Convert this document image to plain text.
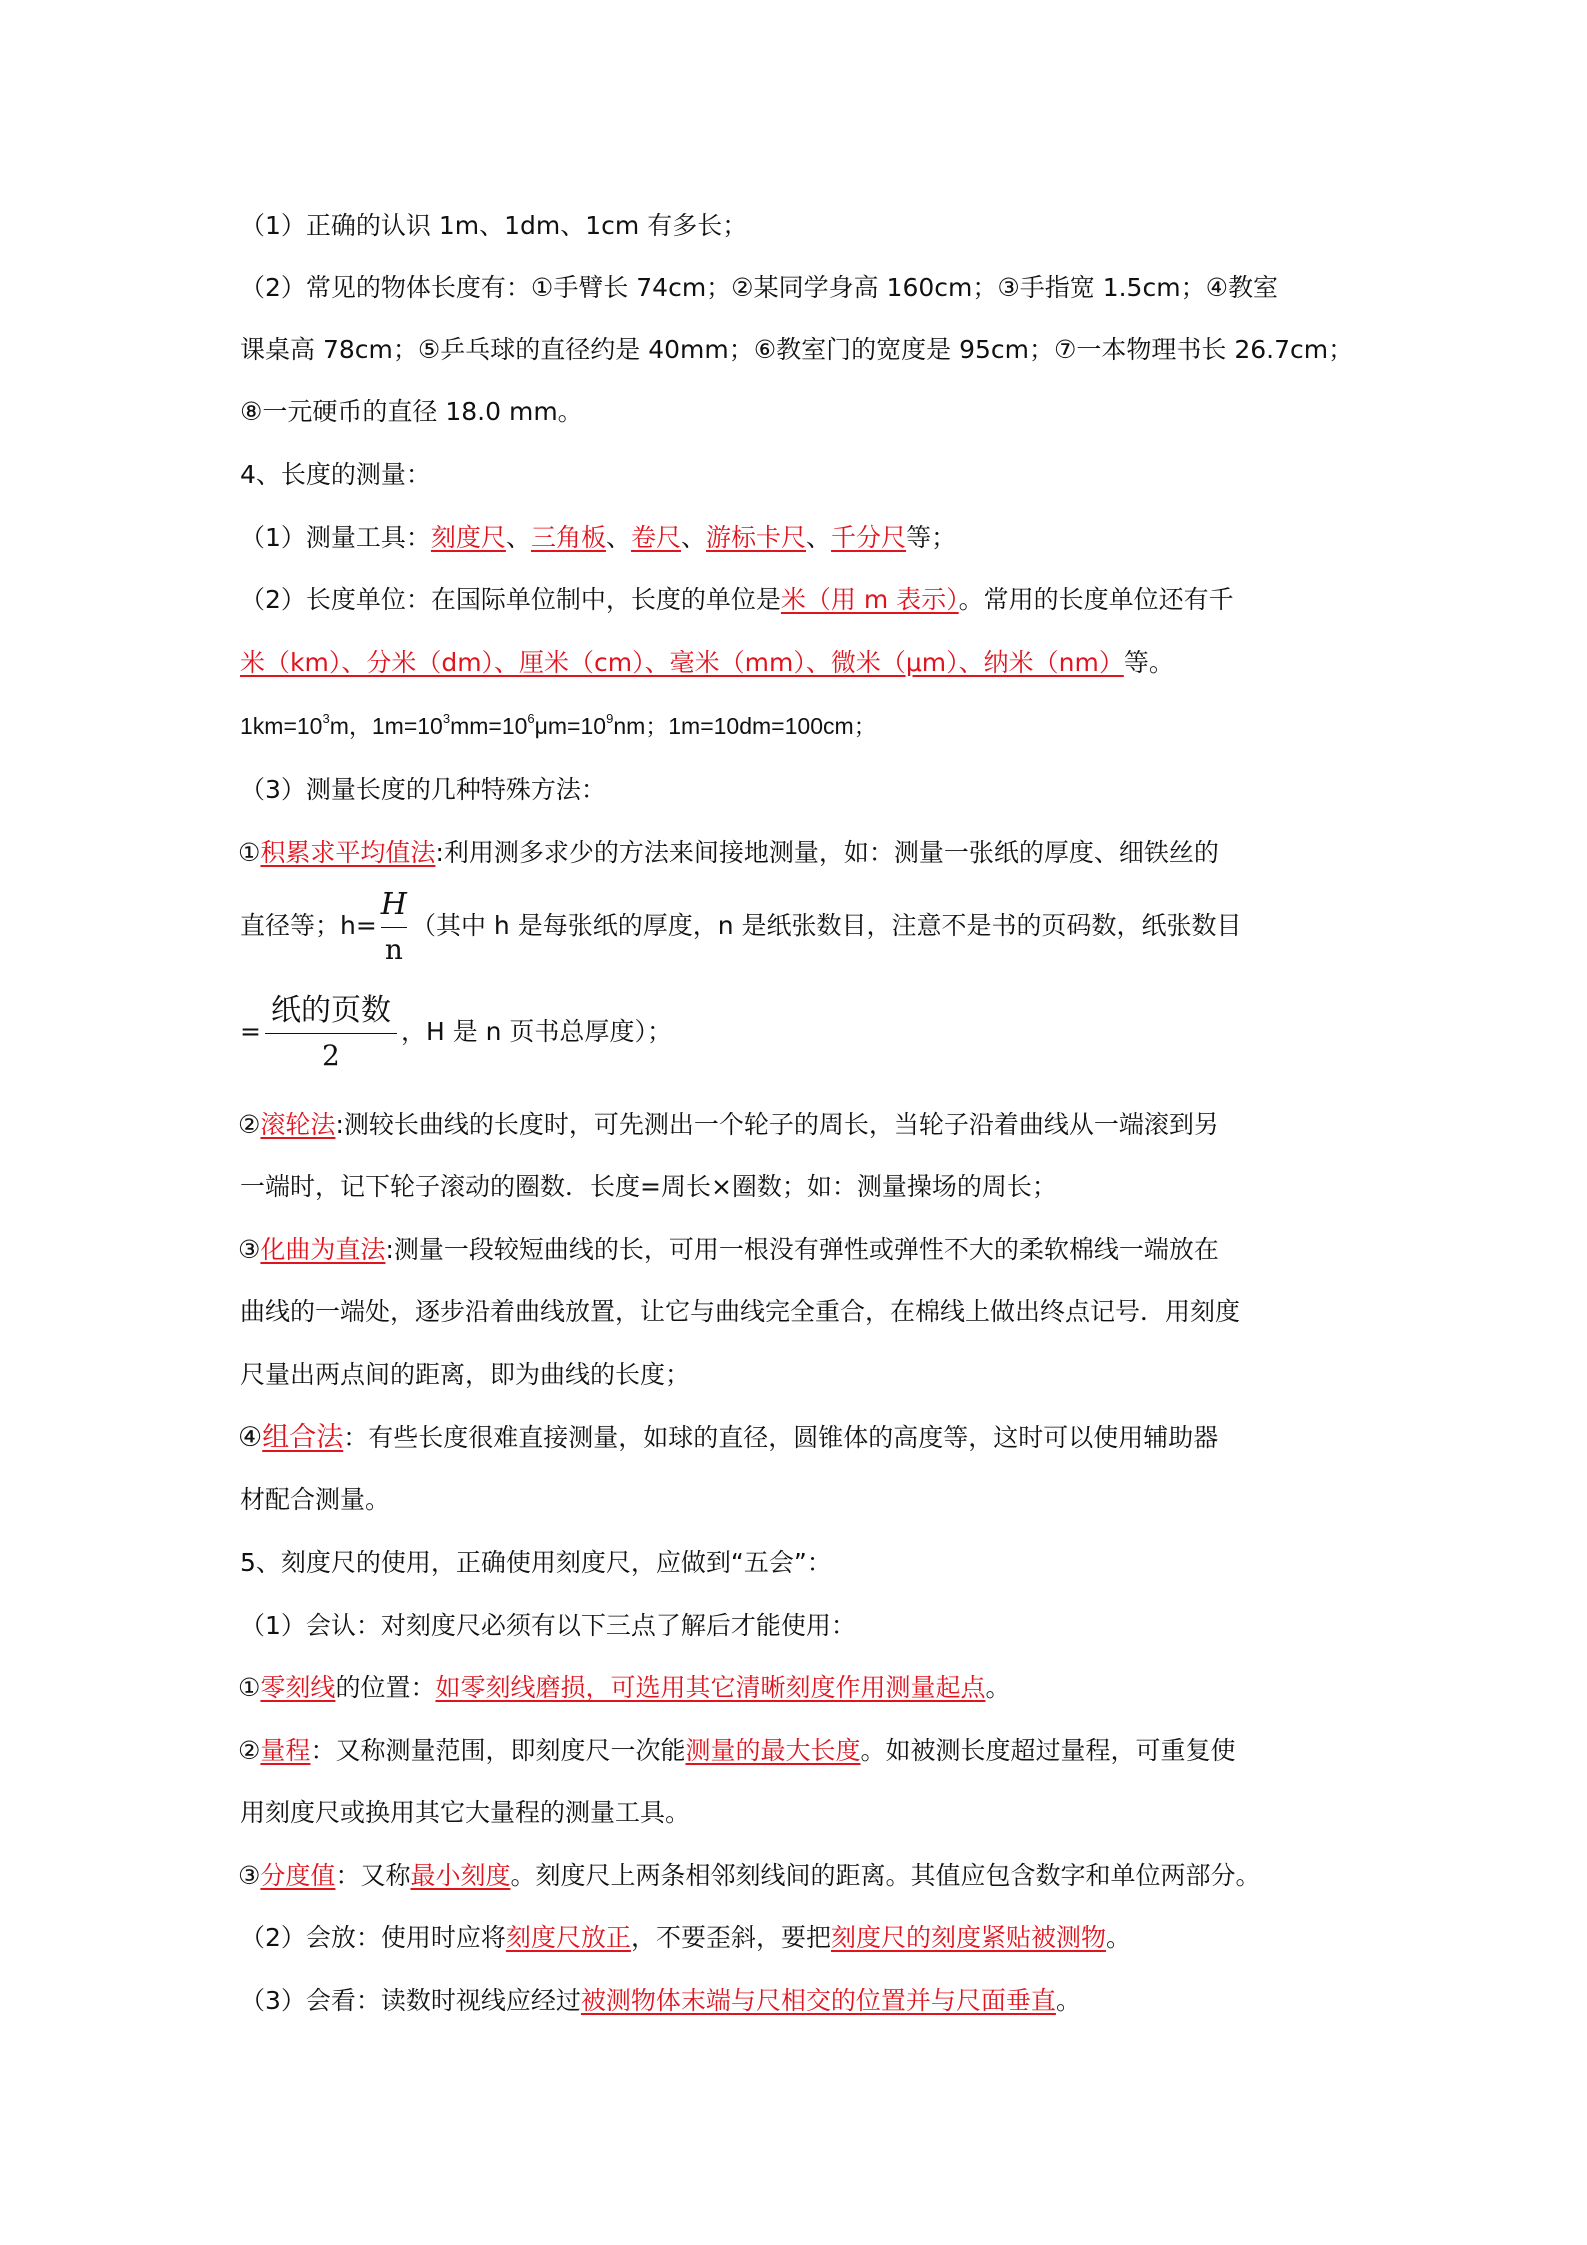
（1）正确的认识 1m、1dm、1cm 有多长；
（2）常见的物体长度有：①手臂长 74cm；②某同学身高 160cm；③手指宽 1.5cm；④教室
课桌高 78cm；⑤乒乓球的直径约是 40mm；⑥教室门的宽度是 95cm；⑦一本物理书长 26.7cm；
⑧一元硬币的直径 18.0 mm。
4、长度的测量：
（1）测量工具：刻度尺、三角板、卷尺、游标卡尺、千分尺等；
（2）长度单位：在国际单位制中，长度的单位是米（用 m 表示）。常用的长度单位还有千
米（km）、分米（dm）、厘米（cm）、毫米（mm）、微米（μm）、纳米（nm）等。
$1km=10^3m$，$1m=10^3mm=10^6\mu m=10^9nm$；1m=10dm=100cm；
（3）测量长度的几种特殊方法：
①积累求平均值法:利用测多求少的方法来间接地测量，如：测量一张纸的厚度、细铁丝的
直径等；$h= \frac{H}{n}$ （其中 h 是每张纸的厚度，n 是纸张数目，注意不是书的页码数，纸张数目
= $\frac{\text{纸的页数}}{2}$ ，H 是 n 页书总厚度）；
②滚轮法:测较长曲线的长度时，可先测出一个轮子的周长，当轮子沿着曲线从一端滚到另
一端时，记下轮子滚动的圈数．长度=周长×圈数；如：测量操场的周长；
③化曲为直法:测量一段较短曲线的长，可用一根没有弹性或弹性不大的柔软棉线一端放在
曲线的一端处，逐步沿着曲线放置，让它与曲线完全重合，在棉线上做出终点记号．用刻度
尺量出两点间的距离，即为曲线的长度；
④组合法：有些长度很难直接测量，如球的直径，圆锥体的高度等，这时可以使用辅助器
材配合测量。
5、刻度尺的使用，正确使用刻度尺，应做到“五会”：
（1）会认：对刻度尺必须有以下三点了解后才能使用：
①零刻线的位置：如零刻线磨损，可选用其它清晰刻度作用测量起点。
②量程：又称测量范围，即刻度尺一次能测量的最大长度。如被测长度超过量程，可重复使
用刻度尺或换用其它大量程的测量工具。
③分度值：又称最小刻度。刻度尺上两条相邻刻线间的距离。其值应包含数字和单位两部分。
（2）会放：使用时应将刻度尺放正，不要歪斜，要把刻度尺的刻度紧贴被测物。
（3）会看：读数时视线应经过被测物体末端与尺相交的位置并与尺面垂直。
